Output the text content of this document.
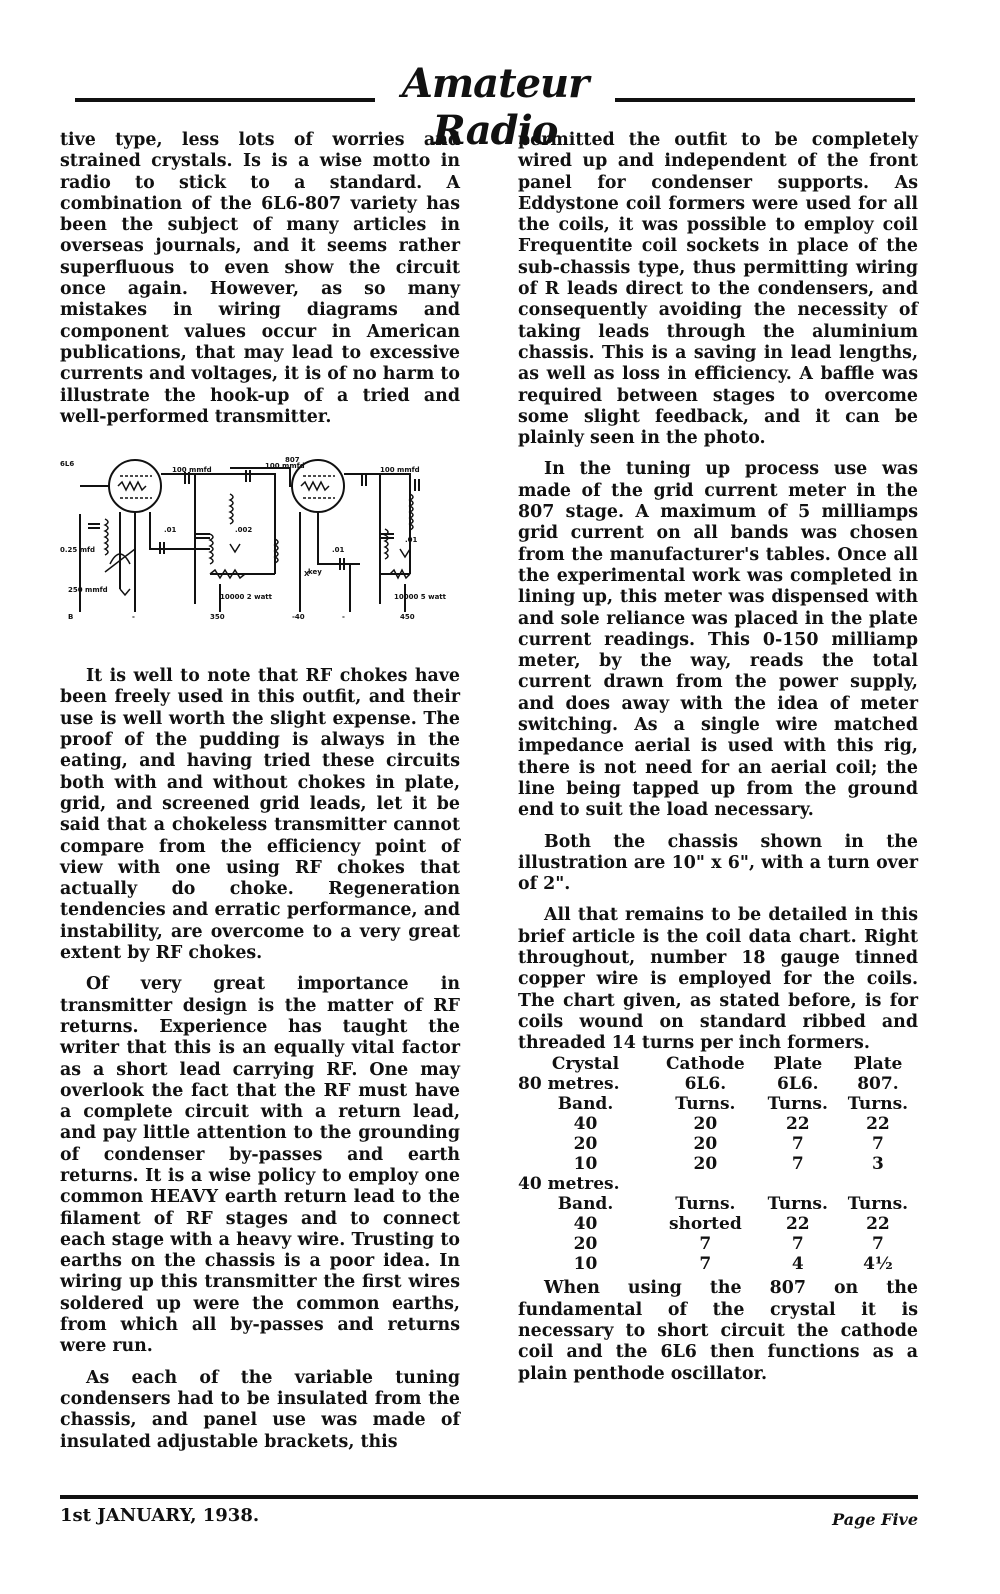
Amateur Radio

tive type, less lots of worries and strained crystals. Is is a wise motto in radio to stick to a standard. A combination of the 6L6-807 variety has been the subject of many articles in overseas journals, and it seems rather superfluous to even show the circuit once again. However, as so many mistakes in wiring diagrams and component values occur in American publications, that may lead to excessive currents and voltages, it is of no harm to illustrate the hook-up of a tried and well-performed transmitter.

6L6	807
100 mmfd	100 mmfd	100 mmfd
.01
.01
.01
.002
0.25 mfd
250 mmfd
10000 2 watt	10000 5 watt
key
X
B	-	350	-40	-	450

It is well to note that RF chokes have been freely used in this outfit, and their use is well worth the slight expense. The proof of the pudding is always in the eating, and having tried these circuits both with and without chokes in plate, grid, and screened grid leads, let it be said that a chokeless transmitter cannot compare from the efficiency point of view with one using RF chokes that actually do choke. Regeneration tendencies and erratic performance, and instability, are overcome to a very great extent by RF chokes.

Of very great importance in transmitter design is the matter of RF returns. Experience has taught the writer that this is an equally vital factor as a short lead carrying RF. One may overlook the fact that the RF must have a complete circuit with a return lead, and pay little attention to the grounding of condenser by-passes and earth returns. It is a wise policy to employ one common HEAVY earth return lead to the filament of RF stages and to connect each stage with a heavy wire. Trusting to earths on the chassis is a poor idea. In wiring up this transmitter the first wires soldered up were the common earths, from which all by-passes and returns were run.

As each of the variable tuning condensers had to be insulated from the chassis, and panel use was made of insulated adjustable brackets, this

permitted the outfit to be completely wired up and independent of the front panel for condenser supports. As Eddystone coil formers were used for all the coils, it was possible to employ coil Frequentite coil sockets in place of the sub-chassis type, thus permitting wiring of R leads direct to the condensers, and consequently avoiding the necessity of taking leads through the aluminium chassis. This is a saving in lead lengths, as well as loss in efficiency. A baffle was required between stages to overcome some slight feedback, and it can be plainly seen in the photo.

In the tuning up process use was made of the grid current meter in the 807 stage. A maximum of 5 milliamps grid current on all bands was chosen from the manufacturer's tables. Once all the experimental work was completed in lining up, this meter was dispensed with and sole reliance was placed in the plate current readings. This 0-150 milliamp meter, by the way, reads the total current drawn from the power supply, and does away with the idea of meter switching. As a single wire matched impedance aerial is used with this rig, there is not need for an aerial coil; the line being tapped up from the ground end to suit the load necessary.

Both the chassis shown in the illustration are 10" x 6", with a turn over of 2".

All that remains to be detailed in this brief article is the coil data chart. Right throughout, number 18 gauge tinned copper wire is employed for the coils. The chart given, as stated before, is for coils wound on standard ribbed and threaded 14 turns per inch formers.

Crystal	Cathode	Plate	Plate
80 metres.	6L6.	6L6.	807.
Band.	Turns.	Turns.	Turns.
40	20	22	22
20	20	7	7
10	20	7	3
40 metres.			
Band.	Turns.	Turns.	Turns.
40	shorted	22	22
20	7	7	7
10	7	4	4½

When using the 807 on the fundamental of the crystal it is necessary to short circuit the cathode coil and the 6L6 then functions as a plain penthode oscillator.

1st JANUARY, 1938.	Page Five
